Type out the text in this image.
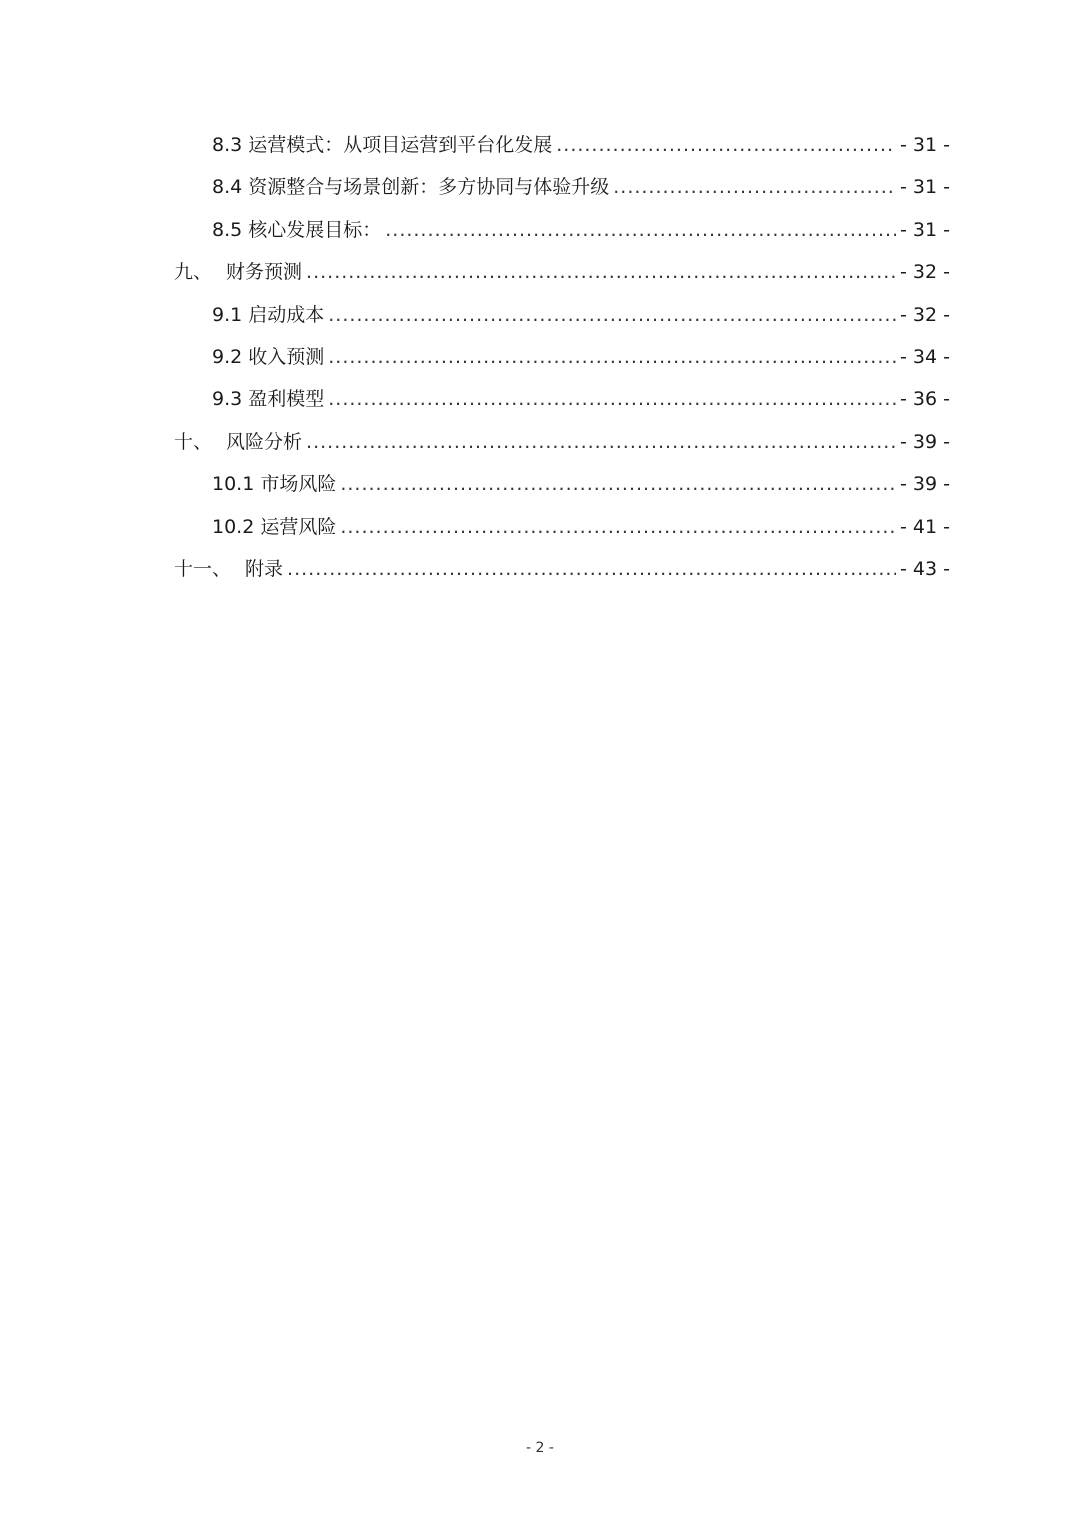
8.3 运营模式：从项目运营到平台化发展 .....	- 31 -
8.4 资源整合与场景创新：多方协同与体验升级 .....	- 31 -
8.5 核心发展目标： .....	- 31 -
九、 财务预测 .....	- 32 -
9.1 启动成本 .....	- 32 -
9.2 收入预测 .....	- 34 -
9.3 盈利模型 .....	- 36 -
十、 风险分析 .....	- 39 -
10.1 市场风险 .....	- 39 -
10.2 运营风险 .....	- 41 -
十一、 附录 .....	- 43 -
- 2 -
